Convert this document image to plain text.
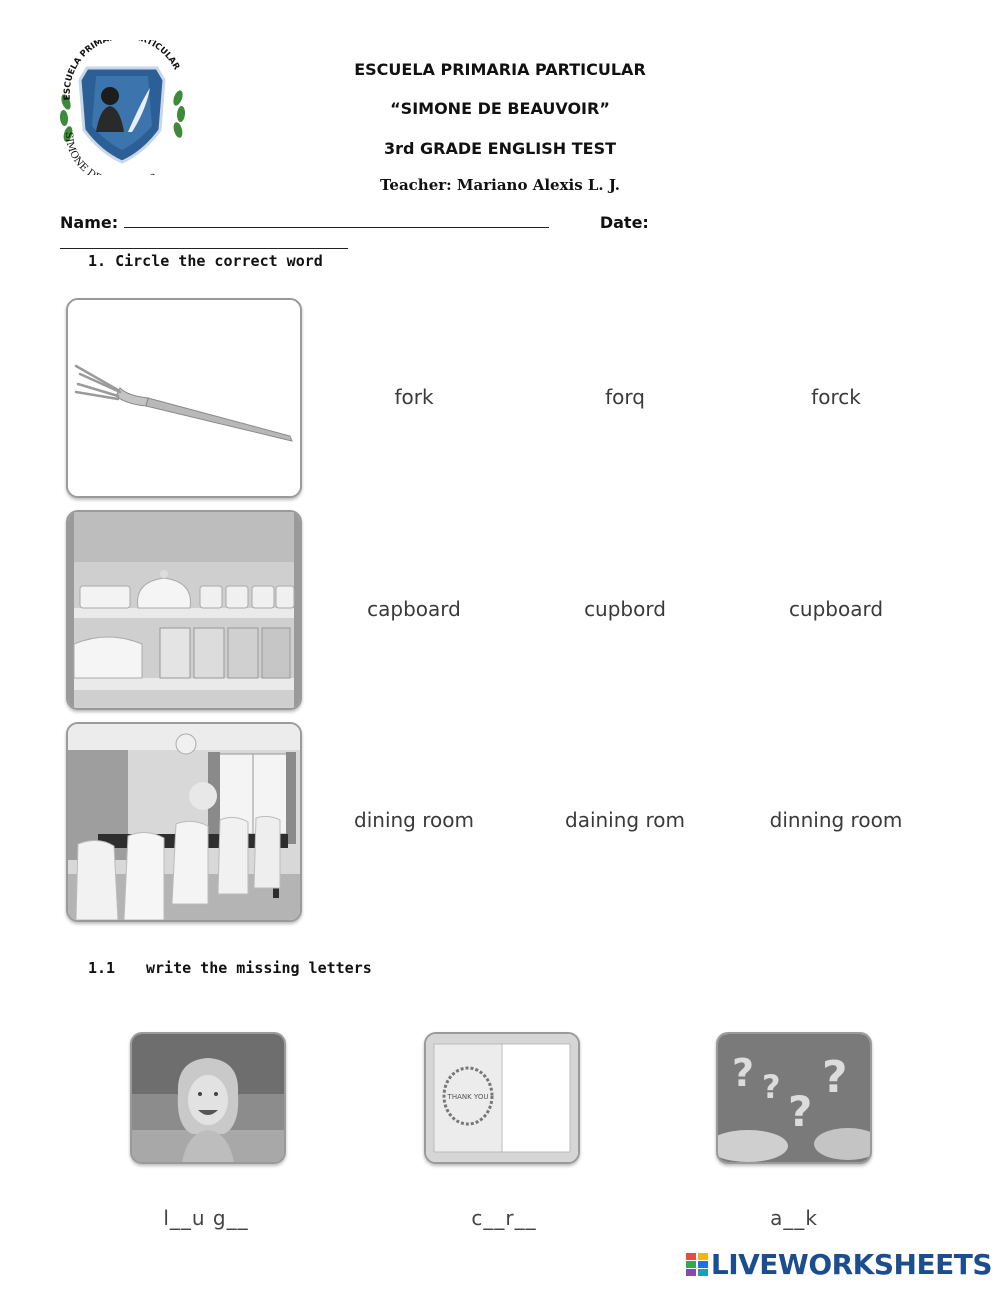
ESCUELA PRIMA TICULAR
SIMONE D
ESCUELA PRIMARIA PARTICULAR
“SIMONE DE BEAUVOIR”
3rd GRADE ENGLISH TEST
Teacher: Mariano Alexis L. J.
Name:	Date:
1. Circle the correct word
fork	forq	forck
capboard	cupbord	cupboard
dining room	daining rom	dinning room
1.1 write the missing letters
l__u g__
THANK YOU
c__r__
? ? ?
?
a__k
LIVEWORKSHEETS
